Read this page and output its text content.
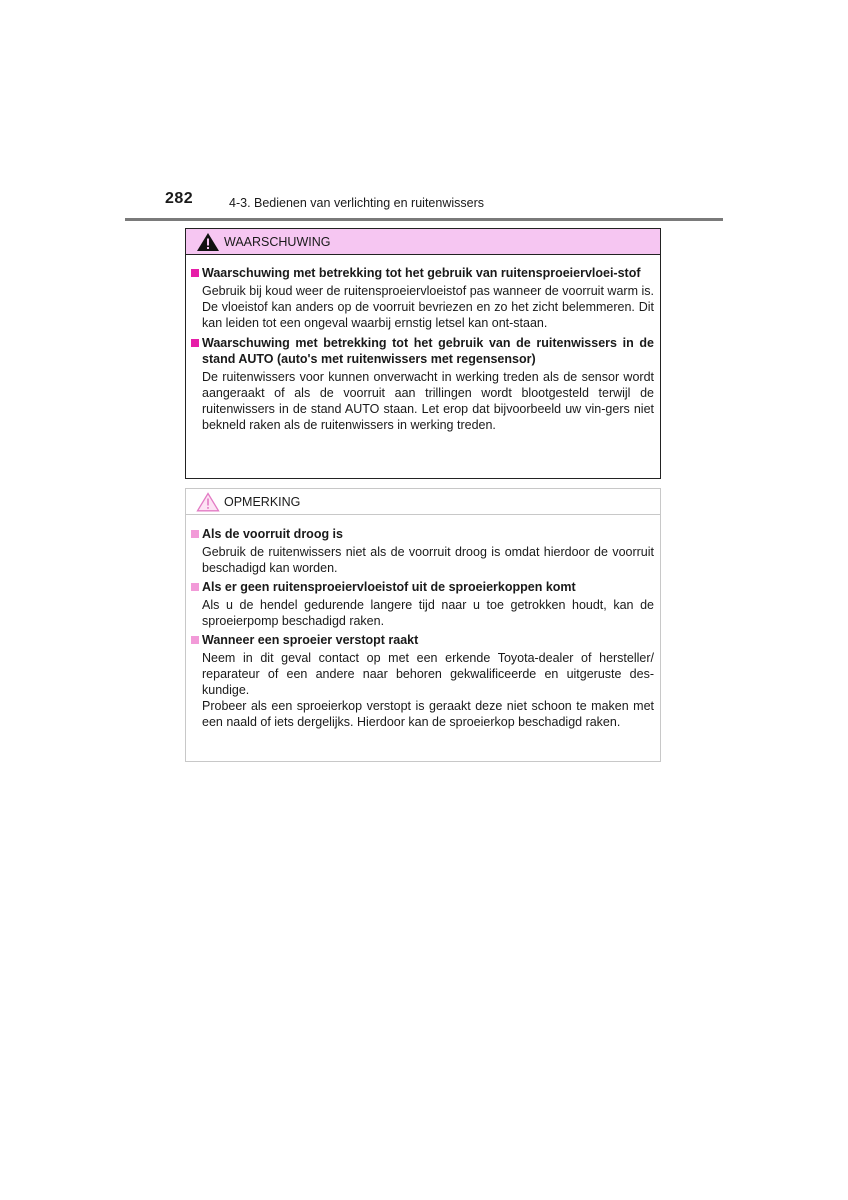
282	4-3. Bedienen van verlichting en ruitenwissers
WAARSCHUWING
Waarschuwing met betrekking tot het gebruik van ruitensproeiervloei-stof

Gebruik bij koud weer de ruitensproeiervloeistof pas wanneer de voorruit warm is. De vloeistof kan anders op de voorruit bevriezen en zo het zicht belemmeren. Dit kan leiden tot een ongeval waarbij ernstig letsel kan ont-staan.

Waarschuwing met betrekking tot het gebruik van de ruitenwissers in de stand AUTO (auto's met ruitenwissers met regensensor)

De ruitenwissers voor kunnen onverwacht in werking treden als de sensor wordt aangeraakt of als de voorruit aan trillingen wordt blootgesteld terwijl de ruitenwissers in de stand AUTO staan. Let erop dat bijvoorbeeld uw vin-gers niet bekneld raken als de ruitenwissers in werking treden.

OPMERKING
Als de voorruit droog is

Gebruik de ruitenwissers niet als de voorruit droog is omdat hierdoor de voorruit beschadigd kan worden.

Als er geen ruitensproeiervloeistof uit de sproeierkoppen komt

Als u de hendel gedurende langere tijd naar u toe getrokken houdt, kan de sproeierpomp beschadigd raken.

Wanneer een sproeier verstopt raakt

Neem in dit geval contact op met een erkende Toyota-dealer of hersteller/ reparateur of een andere naar behoren gekwalificeerde en uitgeruste des-kundige.

Probeer als een sproeierkop verstopt is geraakt deze niet schoon te maken met een naald of iets dergelijks. Hierdoor kan de sproeierkop beschadigd raken.
